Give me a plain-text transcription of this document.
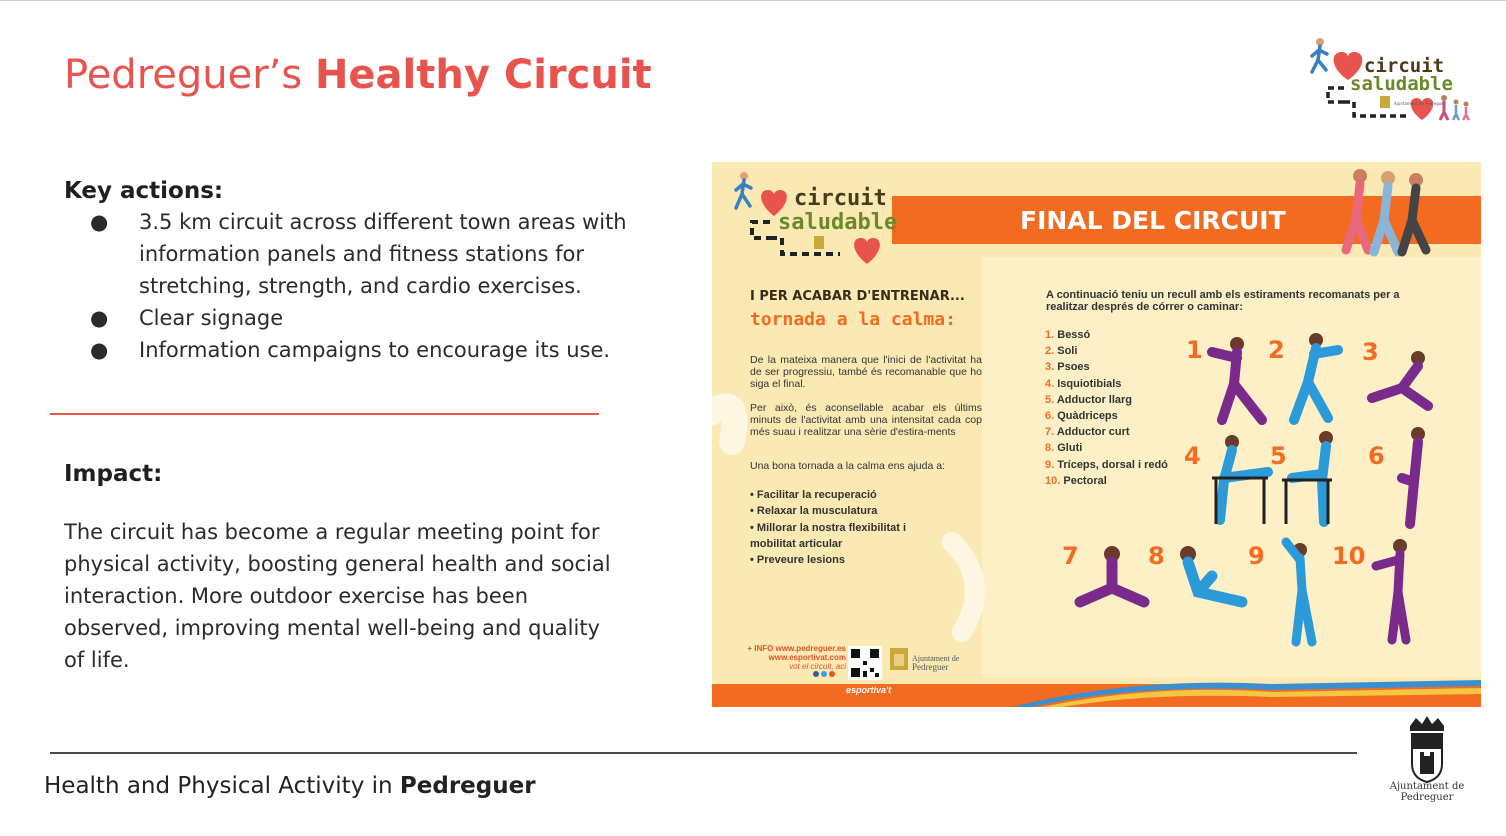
Pedreguer’s Healthy Circuit	circuit
saludable
Ajuntament de Pedreguer
Key actions:
● 3.5 km circuit across different town areas with information panels and fitness stations for stretching, strength, and cardio exercises.
● Clear signage
● Information campaigns to encourage its use.
Impact:

The circuit has become a regular meeting point for physical activity, boosting general health and social interaction. More outdoor exercise has been observed, improving mental well-being and quality of life.

FINAL DEL CIRCUIT
circuit
saludable
I PER ACABAR D'ENTRENAR...
tornada a la calma:

De la mateixa manera que l'inici de l'activitat ha de ser progressiu, també és recomanable que ho siga el final.

Per això, és aconsellable acabar els últims minuts de l'activitat amb una intensitat cada cop més suau i realitzar una sèrie d'estira-ments

Una bona tornada a la calma ens ajuda a:

• Facilitar la recuperació
• Relaxar la musculatura
• Millorar la nostra flexibilitat i
mobilitat articular
• Preveure lesions

A continuació teniu un recull amb els estiraments recomanats per a realitzar després de córrer o caminar:

1. Bessó
2. Soli
3. Psoes
4. Isquiotibials
5. Adductor llarg
6. Quàdriceps
7. Adductor curt
8. Gluti
9. Tríceps, dorsal i redó
10. Pectoral
1	2	3
4	5	6
7	8	9	10
+ INFO www.pedreguer.es
www.esportivat.com
vot el circuit, aci
Ajuntament de
Pedreguer
esportiva't

Health and Physical Activity in Pedreguer	Ajuntament de Pedreguer
